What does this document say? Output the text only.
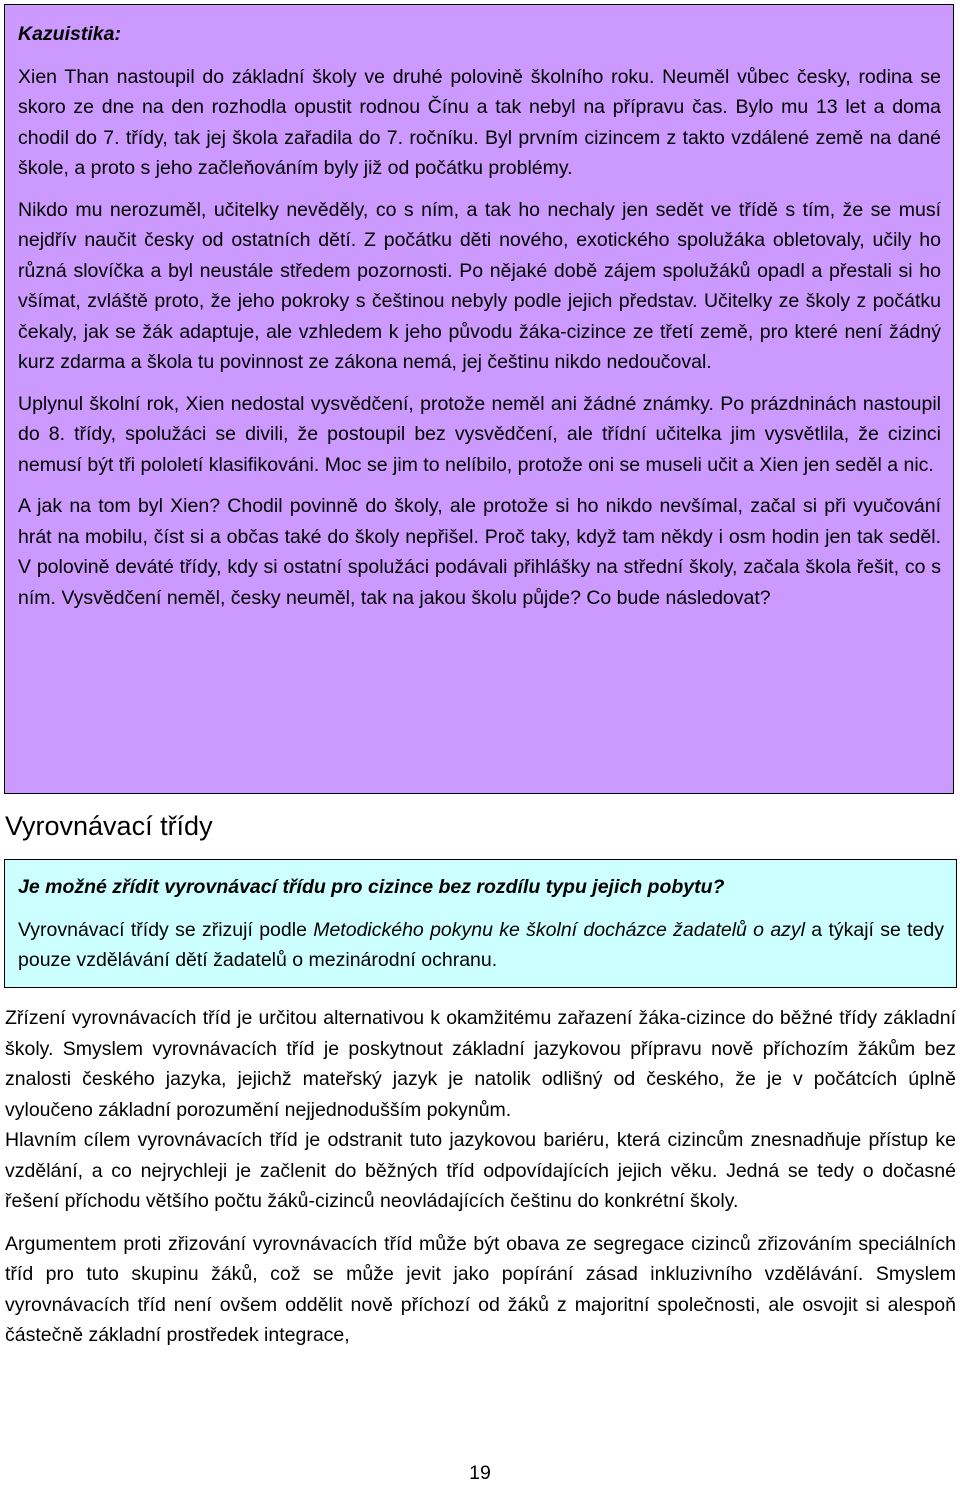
Kazuistika:

Xien Than nastoupil do základní školy ve druhé polovině školního roku. Neuměl vůbec česky, rodina se skoro ze dne na den rozhodla opustit rodnou Čínu a tak nebyl na přípravu čas. Bylo mu 13 let a doma chodil do 7. třídy, tak jej škola zařadila do 7. ročníku. Byl prvním cizincem z takto vzdálené země na dané škole, a proto s jeho začleňováním byly již od počátku problémy.

Nikdo mu nerozuměl, učitelky nevěděly, co s ním, a tak ho nechaly jen sedět ve třídě s tím, že se musí nejdřív naučit česky od ostatních dětí. Z počátku děti nového, exotického spolužáka obletovaly, učily ho různá slovíčka a byl neustále středem pozornosti. Po nějaké době zájem spolužáků opadl a přestali si ho všímat, zvláště proto, že jeho pokroky s češtinou nebyly podle jejich představ. Učitelky ze školy z počátku čekaly, jak se žák adaptuje, ale vzhledem k jeho původu žáka-cizince ze třetí země, pro které není žádný kurz zdarma a škola tu povinnost ze zákona nemá, jej češtinu nikdo nedoučoval.

Uplynul školní rok, Xien nedostal vysvědčení, protože neměl ani žádné známky. Po prázdninách nastoupil do 8. třídy, spolužáci se divili, že postoupil bez vysvědčení, ale třídní učitelka jim vysvětlila, že cizinci nemusí být tři pololetí klasifikováni. Moc se jim to nelíbilo, protože oni se museli učit a Xien jen seděl a nic.

A jak na tom byl Xien? Chodil povinně do školy, ale protože si ho nikdo nevšímal, začal si při vyučování hrát na mobilu, číst si a občas také do školy nepřišel. Proč taky, když tam někdy i osm hodin jen tak seděl. V polovině deváté třídy, kdy si ostatní spolužáci podávali přihlášky na střední školy, začala škola řešit, co s ním. Vysvědčení neměl, česky neuměl, tak na jakou školu půjde? Co bude následovat?

Vyrovnávací třídy

Je možné zřídit vyrovnávací třídu pro cizince bez rozdílu typu jejich pobytu?

Vyrovnávací třídy se zřizují podle Metodického pokynu ke školní docházce žadatelů o azyl a týkají se tedy pouze vzdělávání dětí žadatelů o mezinárodní ochranu.

Zřízení vyrovnávacích tříd je určitou alternativou k okamžitému zařazení žáka-cizince do běžné třídy základní školy. Smyslem vyrovnávacích tříd je poskytnout základní jazykovou přípravu nově příchozím žákům bez znalosti českého jazyka, jejichž mateřský jazyk je natolik odlišný od českého, že je v počátcích úplně vyloučeno základní porozumění nejjednodušším pokynům.

Hlavním cílem vyrovnávacích tříd je odstranit tuto jazykovou bariéru, která cizincům znesnadňuje přístup ke vzdělání, a co nejrychleji je začlenit do běžných tříd odpovídajících jejich věku. Jedná se tedy o dočasné řešení příchodu většího počtu žáků-cizinců neovládajících češtinu do konkrétní školy.

Argumentem proti zřizování vyrovnávacích tříd může být obava ze segregace cizinců zřizováním speciálních tříd pro tuto skupinu žáků, což se může jevit jako popírání zásad inkluzivního vzdělávání. Smyslem vyrovnávacích tříd není ovšem oddělit nově příchozí od žáků z majoritní společnosti, ale osvojit si alespoň částečně základní prostředek integrace,

19
